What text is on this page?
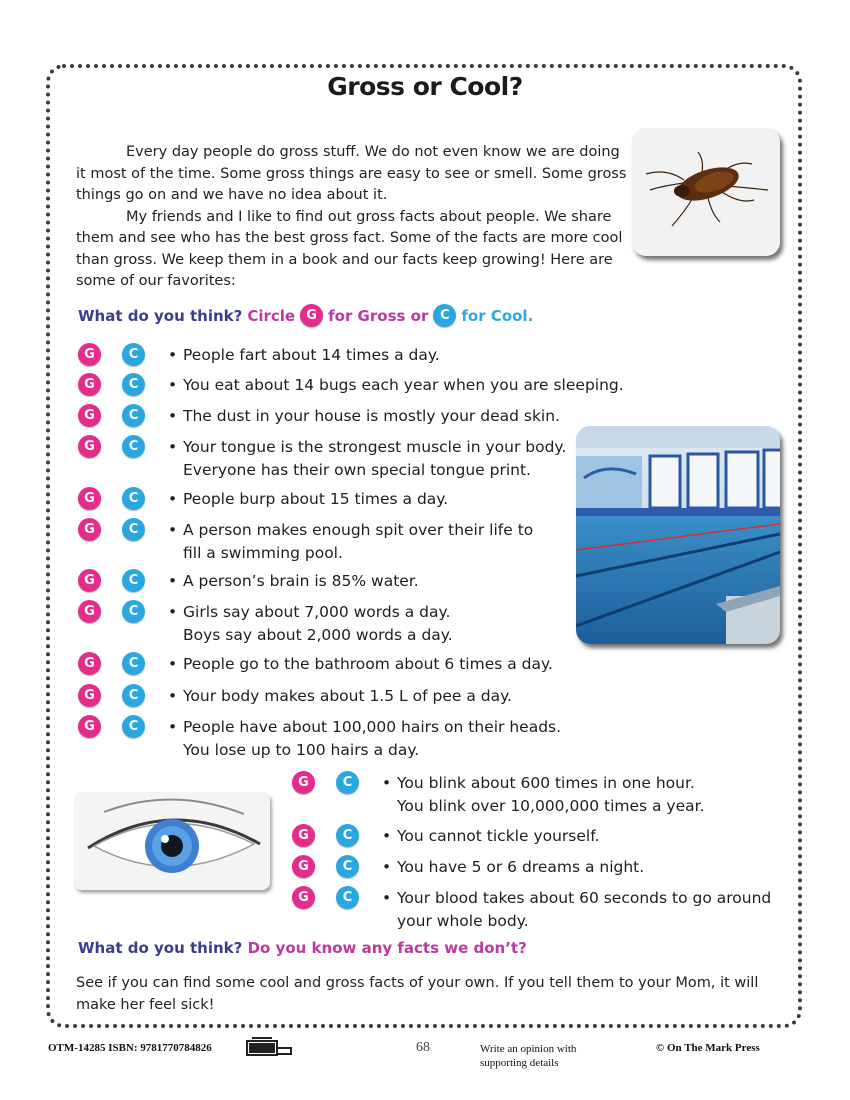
Gross or Cool?

Every day people do gross stuff. We do not even know we are doing it most of the time. Some gross things are easy to see or smell. Some gross things go on and we have no idea about it.

My friends and I like to find out gross facts about people. We share them and see who has the best gross fact. Some of the facts are more cool than gross. We keep them in a book and our facts keep growing! Here are some of our favorites:

What do you think? Circle G for Gross or C for Cool.
G	C	• People fart about 14 times a day.
G	C	• You eat about 14 bugs each year when you are sleeping.
G	C	• The dust in your house is mostly your dead skin.
G	C	• Your tongue is the strongest muscle in your body.
Everyone has their own special tongue print.
G	C	• People burp about 15 times a day.
G	C	• A person makes enough spit over their life to
fill a swimming pool.
G	C	• A person’s brain is 85% water.
G	C	• Girls say about 7,000 words a day.
Boys say about 2,000 words a day.
G	C	• People go to the bathroom about 6 times a day.
G	C	• Your body makes about 1.5 L of pee a day.
G	C	• People have about 100,000 hairs on their heads.
You lose up to 100 hairs a day.
G	C	• You blink about 600 times in one hour.
You blink over 10,000,000 times a year.
G	C	• You cannot tickle yourself.
G	C	• You have 5 or 6 dreams a night.
G	C	• Your blood takes about 60 seconds to go around
your whole body.
What do you think? Do you know any facts we don’t?
See if you can find some cool and gross facts of your own. If you tell them to your Mom, it will make her feel sick!
OTM-14285 ISBN: 9781770784826	68	Write an opinion with supporting details
© On The Mark Press
